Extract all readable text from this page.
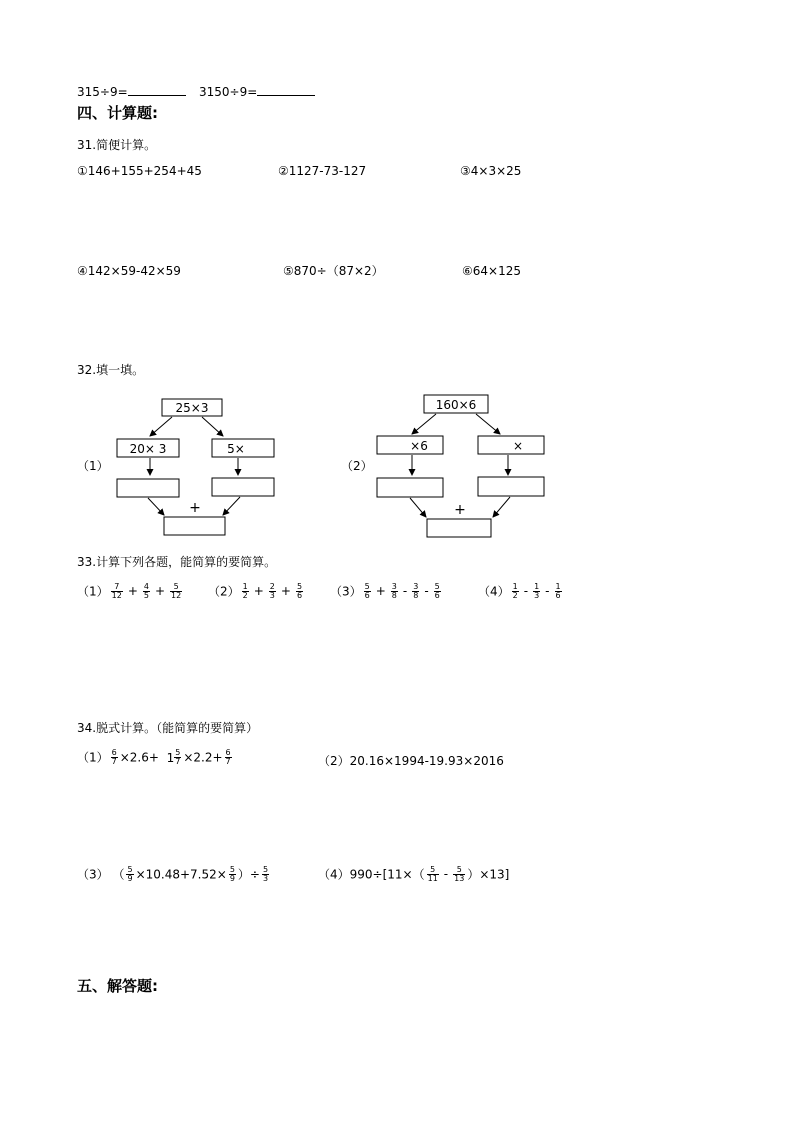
315÷9=	3150÷9=
四、计算题:
31.简便计算。
①146+155+254+45	②1127-73-127	③4×3×25
④142×59-42×59	⑤870÷（87×2）	⑥64×125
32.填一填。
（1）
25×3
20× 3	5×
+
（2）
160×6
×6	×
+
33.计算下列各题，能简算的要简算。
$(1) \frac{7}{12} + \frac{4}{5} + \frac{5}{12} (2) \frac{1}{2} + \frac{2}{3} + \frac{5}{6} (3) \frac{5}{6} + \frac{3}{8} - \frac{3}{8} - \frac{5}{6}$	$(4) \frac{1}{2} - \frac{1}{3} - \frac{1}{6}$
34.脱式计算。（能简算的要简算）
$(1) \frac{6}{7} \times 2.6+ 1 \frac{5}{7} \times 2.2+ \frac{6}{7}$	（2）20.16×1994-19.93×2016
（3） （ $\frac{5}{9} \times 10.48+7.52\times \frac{5}{9}$ ）÷ $\frac{5}{3}$	$(4)990\div[11\times( \frac{5}{11} - \frac{5}{13} )\times 13]$
五、解答题:
